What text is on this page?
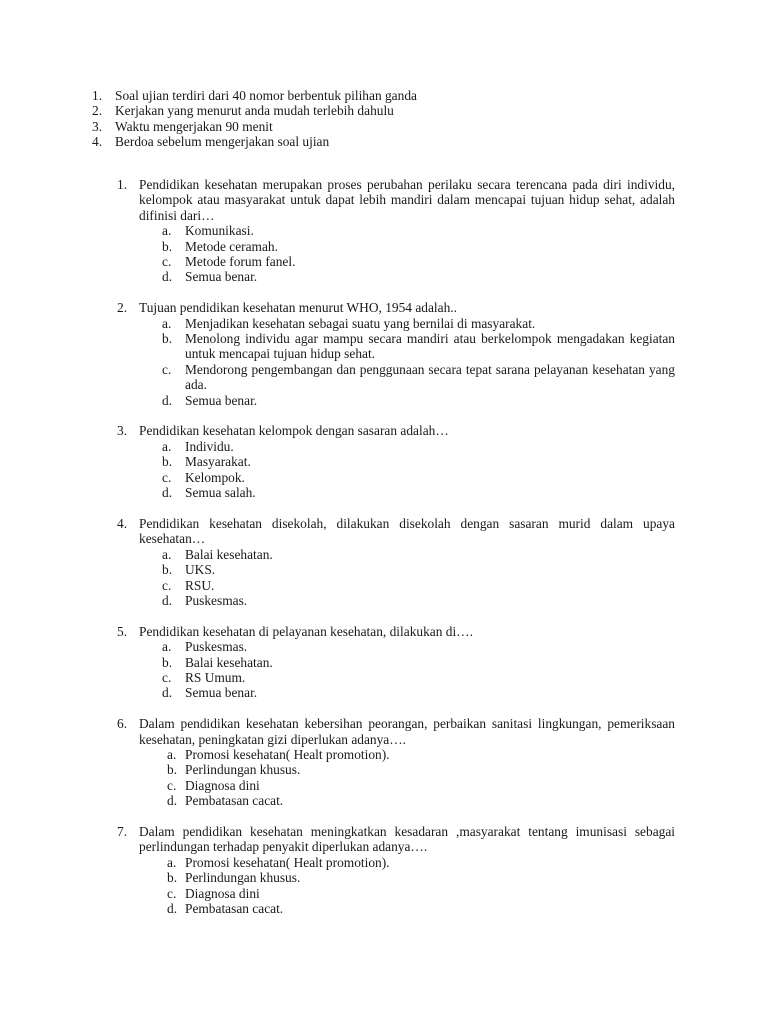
1. Soal ujian terdiri dari 40 nomor berbentuk pilihan ganda
2. Kerjakan yang menurut anda mudah terlebih dahulu
3. Waktu mengerjakan 90 menit
4. Berdoa sebelum mengerjakan soal ujian
1. Pendidikan kesehatan merupakan proses perubahan perilaku secara terencana pada diri individu, kelompok atau masyarakat untuk dapat lebih mandiri dalam mencapai tujuan hidup sehat, adalah difinisi dari…
a.	Komunikasi.
b. Metode ceramah.
c.	Metode forum fanel.
d. Semua benar.
2. Tujuan pendidikan kesehatan menurut WHO, 1954 adalah..
a.	Menjadikan kesehatan sebagai suatu yang bernilai di masyarakat.
b. Menolong individu agar mampu secara mandiri atau berkelompok mengadakan kegiatan untuk mencapai tujuan hidup sehat.
c.	Mendorong pengembangan dan penggunaan secara tepat sarana pelayanan kesehatan yang ada.
d. Semua benar.
3. Pendidikan kesehatan kelompok dengan sasaran adalah…
a.	Individu.
b. Masyarakat.
c.	Kelompok.
d. Semua salah.
4. Pendidikan kesehatan disekolah, dilakukan disekolah dengan sasaran murid dalam upaya kesehatan…
a.	Balai kesehatan.
b. UKS.
c.	RSU.
d. Puskesmas.
5. Pendidikan kesehatan di pelayanan kesehatan, dilakukan di….
a.	Puskesmas.
b. Balai kesehatan.
c.	RS Umum.
d. Semua benar.
6. Dalam pendidikan kesehatan kebersihan peorangan, perbaikan sanitasi lingkungan, pemeriksaan kesehatan, peningkatan gizi diperlukan adanya….
a. Promosi kesehatan( Healt promotion).
b. Perlindungan khusus.
c. Diagnosa dini
d. Pembatasan cacat.
7. Dalam pendidikan kesehatan meningkatkan kesadaran ,masyarakat tentang imunisasi sebagai perlindungan terhadap penyakit diperlukan adanya….
a. Promosi kesehatan( Healt promotion).
b. Perlindungan khusus.
c. Diagnosa dini
d. Pembatasan cacat.
